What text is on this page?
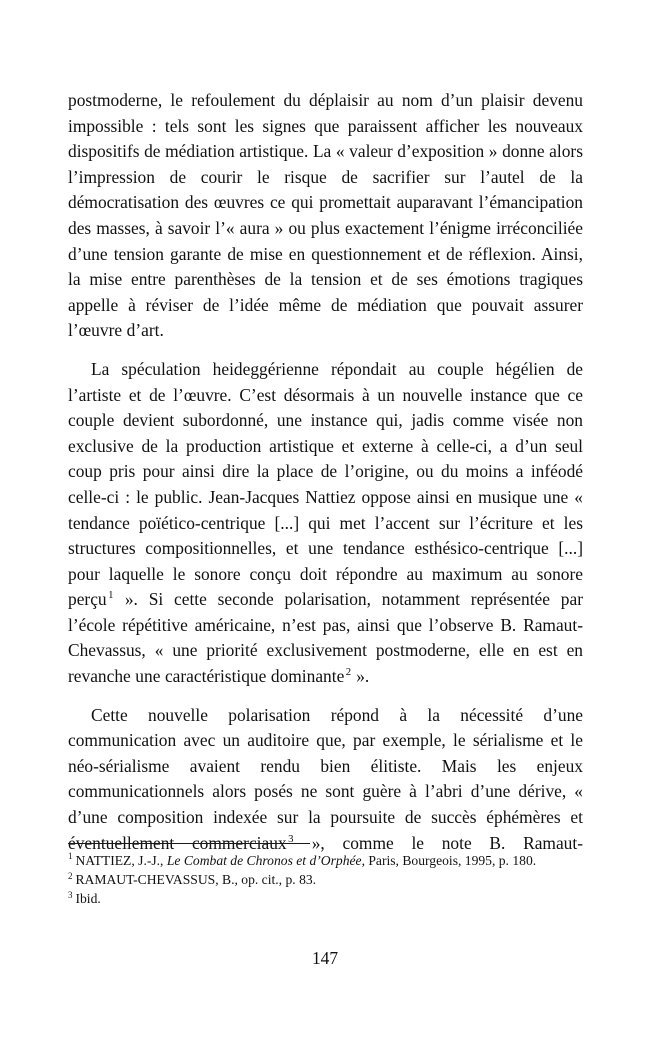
postmoderne, le refoulement du déplaisir au nom d’un plaisir devenu impossible : tels sont les signes que paraissent afficher les nouveaux dispositifs de médiation artistique. La « valeur d’exposition » donne alors l’impression de courir le risque de sacrifier sur l’autel de la démocratisation des œuvres ce qui promettait auparavant l’émancipation des masses, à savoir l’« aura » ou plus exactement l’énigme irréconciliée d’une tension garante de mise en questionnement et de réflexion. Ainsi, la mise entre parenthèses de la tension et de ses émotions tragiques appelle à réviser de l’idée même de médiation que pouvait assurer l’œuvre d’art.

La spéculation heideggérienne répondait au couple hégélien de l’artiste et de l’œuvre. C’est désormais à un nouvelle instance que ce couple devient subordonné, une instance qui, jadis comme visée non exclusive de la production artistique et externe à celle-ci, a d’un seul coup pris pour ainsi dire la place de l’origine, ou du moins a inféodé celle-ci : le public. Jean-Jacques Nattiez oppose ainsi en musique une « tendance poïético-centrique [...] qui met l’accent sur l’écriture et les structures compositionnelles, et une tendance esthésico-centrique [...] pour laquelle le sonore conçu doit répondre au maximum au sonore perçu $^1$ ». Si cette seconde polarisation, notamment représentée par l’école répétitive américaine, n’est pas, ainsi que l’observe B. Ramaut-Chevassus, « une priorité exclusivement postmoderne, elle en est en revanche une caractéristique dominante $^2$ ».

Cette nouvelle polarisation répond à la nécessité d’une communication avec un auditoire que, par exemple, le sérialisme et le néo-sérialisme avaient rendu bien élitiste. Mais les enjeux communicationnels alors posés ne sont guère à l’abri d’une dérive, « d’une composition indexée sur la poursuite de succès éphémères et éventuellement commerciaux $^3$ », comme le note B. Ramaut-

$^1$ NATTIEZ, J.-J., Le Combat de Chronos et d’Orphée, Paris, Bourgeois, 1995, p. 180.

$^2$ RAMAUT-CHEVASSUS, B., op. cit., p. 83.

$^3$ Ibid.

147
